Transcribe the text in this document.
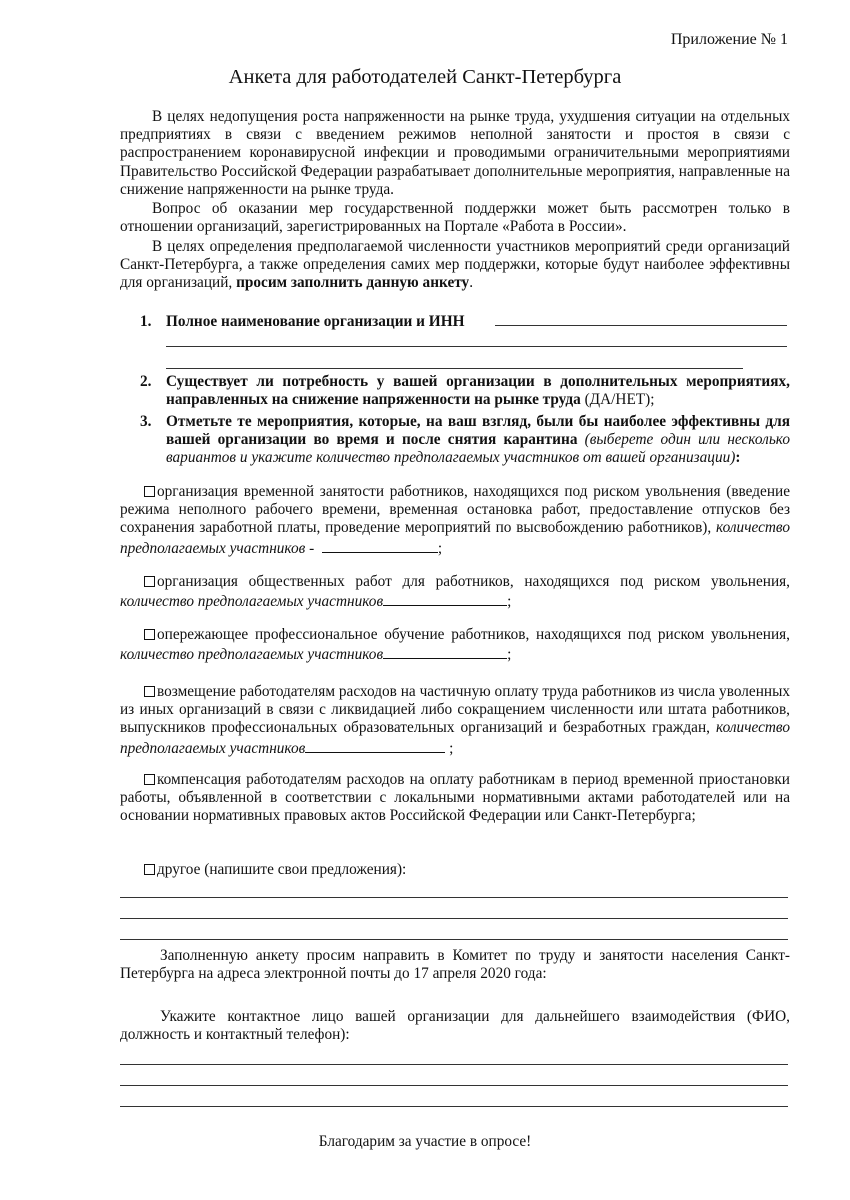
Приложение № 1
Анкета для работодателей Санкт-Петербурга
В целях недопущения роста напряженности на рынке труда, ухудшения ситуации на отдельных предприятиях в связи с введением режимов неполной занятости и простоя в связи с распространением коронавирусной инфекции и проводимыми ограничительными мероприятиями Правительство Российской Федерации разрабатывает дополнительные мероприятия, направленные на снижение напряженности на рынке труда.
Вопрос об оказании мер государственной поддержки может быть рассмотрен только в отношении организаций, зарегистрированных на Портале «Работа в России».
В целях определения предполагаемой численности участников мероприятий среди организаций Санкт-Петербурга, а также определения самих мер поддержки, которые будут наиболее эффективны для организаций, просим заполнить данную анкету.
1. Полное наименование организации и ИНН
2. Существует ли потребность у вашей организации в дополнительных мероприятиях, направленных на снижение напряженности на рынке труда (ДА/НЕТ);
3. Отметьте те мероприятия, которые, на ваш взгляд, были бы наиболее эффективны для вашей организации во время и после снятия карантина (выберете один или несколько вариантов и укажите количество предполагаемых участников от вашей организации):
организация временной занятости работников, находящихся под риском увольнения (введение режима неполного рабочего времени, временная остановка работ, предоставление отпусков без сохранения заработной платы, проведение мероприятий по высвобождению работников), количество предполагаемых участников -	;
организация общественных работ для работников, находящихся под риском увольнения, количество предполагаемых участников	;
опережающее профессиональное обучение работников, находящихся под риском увольнения, количество предполагаемых участников	;
возмещение работодателям расходов на частичную оплату труда работников из числа уволенных из иных организаций в связи с ликвидацией либо сокращением численности или штата работников, выпускников профессиональных образовательных организаций и безработных граждан, количество предполагаемых участников	;
компенсация работодателям расходов на оплату работникам в период временной приостановки работы, объявленной в соответствии с локальными нормативными актами работодателей или на основании нормативных правовых актов Российской Федерации или Санкт-Петербурга;
другое (напишите свои предложения):
Заполненную анкету просим направить в Комитет по труду и занятости населения Санкт-Петербурга на адреса электронной почты до 17 апреля 2020 года:
Укажите контактное лицо вашей организации для дальнейшего взаимодействия (ФИО, должность и контактный телефон):
Благодарим за участие в опросе!
